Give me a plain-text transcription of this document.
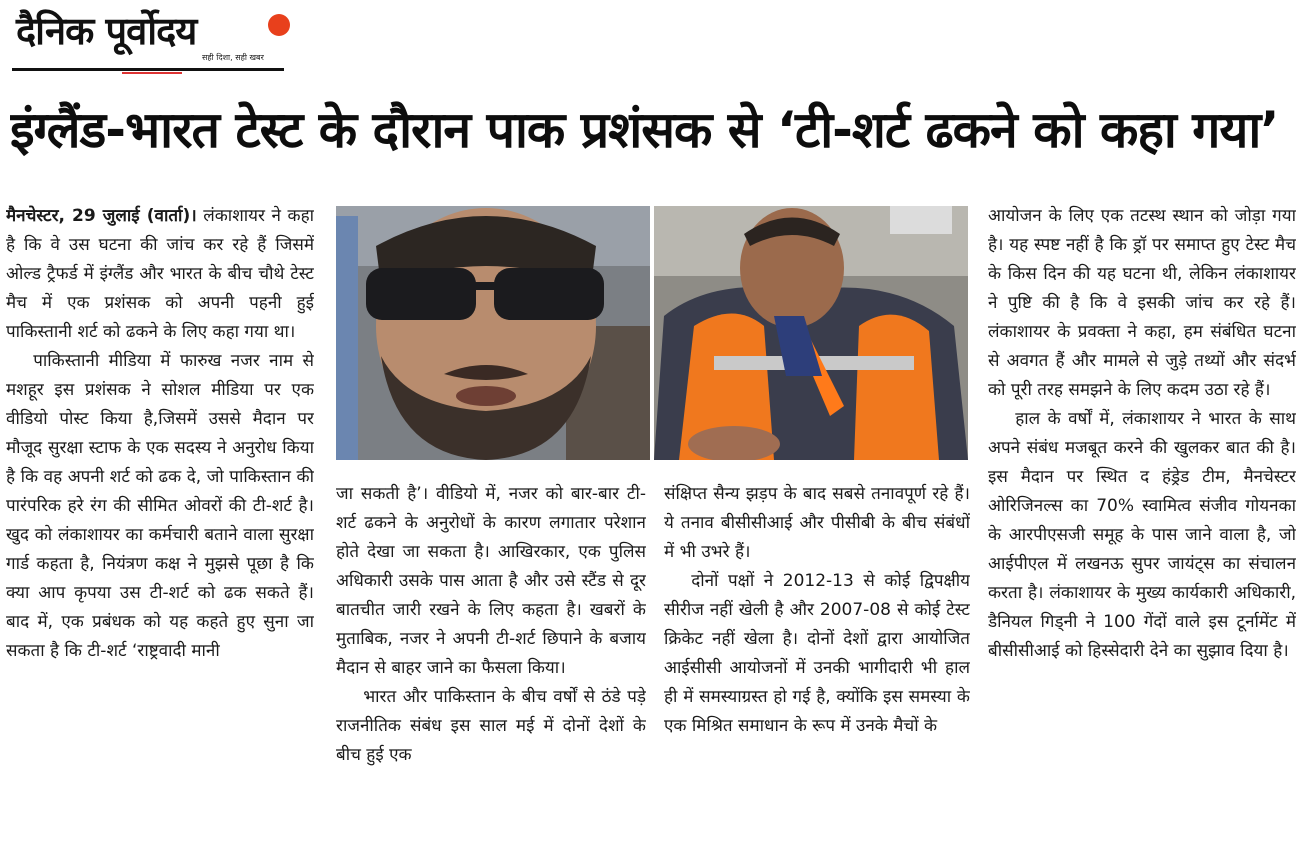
दैनिक पूर्वोदय
सही दिशा, सही खबर
इंग्लैंड-भारत टेस्ट के दौरान पाक प्रशंसक से ‘टी-शर्ट ढकने को कहा गया’

मैनचेस्टर, 29 जुलाई (वार्ता)। लंकाशायर ने कहा है कि वे उस घटना की जांच कर रहे हैं जिसमें ओल्ड ट्रैफर्ड में इंग्लैंड और भारत के बीच चौथे टेस्ट मैच में एक प्रशंसक को अपनी पहनी हुई पाकिस्तानी शर्ट को ढकने के लिए कहा गया था।

पाकिस्तानी मीडिया में फारुख नजर नाम से मशहूर इस प्रशंसक ने सोशल मीडिया पर एक वीडियो पोस्ट किया है,जिसमें उससे मैदान पर मौजूद सुरक्षा स्टाफ के एक सदस्य ने अनुरोध किया है कि वह अपनी शर्ट को ढक दे, जो पाकिस्तान की पारंपरिक हरे रंग की सीमित ओवरों की टी-शर्ट है। खुद को लंकाशायर का कर्मचारी बताने वाला सुरक्षा गार्ड कहता है, नियंत्रण कक्ष ने मुझसे पूछा है कि क्या आप कृपया उस टी-शर्ट को ढक सकते हैं। बाद में, एक प्रबंधक को यह कहते हुए सुना जा सकता है कि टी-शर्ट ‘राष्ट्रवादी मानी

जा सकती है’। वीडियो में, नजर को बार-बार टी-शर्ट ढकने के अनुरोधों के कारण लगातार परेशान होते देखा जा सकता है। आखिरकार, एक पुलिस अधिकारी उसके पास आता है और उसे स्टैंड से दूर बातचीत जारी रखने के लिए कहता है। खबरों के मुताबिक, नजर ने अपनी टी-शर्ट छिपाने के बजाय मैदान से बाहर जाने का फैसला किया।

भारत और पाकिस्तान के बीच वर्षों से ठंडे पड़े राजनीतिक संबंध इस साल मई में दोनों देशों के बीच हुई एक

संक्षिप्त सैन्य झड़प के बाद सबसे तनावपूर्ण रहे हैं। ये तनाव बीसीसीआई और पीसीबी के बीच संबंधों में भी उभरे हैं।

दोनों पक्षों ने 2012-13 से कोई द्विपक्षीय सीरीज नहीं खेली है और 2007-08 से कोई टेस्ट क्रिकेट नहीं खेला है। दोनों देशों द्वारा आयोजित आईसीसी आयोजनों में उनकी भागीदारी भी हाल ही में समस्याग्रस्त हो गई है, क्योंकि इस समस्या के एक मिश्रित समाधान के रूप में उनके मैचों के

आयोजन के लिए एक तटस्थ स्थान को जोड़ा गया है। यह स्पष्ट नहीं है कि ड्रॉ पर समाप्त हुए टेस्ट मैच के किस दिन की यह घटना थी, लेकिन लंकाशायर ने पुष्टि की है कि वे इसकी जांच कर रहे हैं। लंकाशायर के प्रवक्ता ने कहा, हम संबंधित घटना से अवगत हैं और मामले से जुड़े तथ्यों और संदर्भ को पूरी तरह समझने के लिए कदम उठा रहे हैं।

हाल के वर्षों में, लंकाशायर ने भारत के साथ अपने संबंध मजबूत करने की खुलकर बात की है। इस मैदान पर स्थित द हंड्रेड टीम, मैनचेस्टर ओरिजिनल्स का 70% स्वामित्व संजीव गोयनका के आरपीएसजी समूह के पास जाने वाला है, जो आईपीएल में लखनऊ सुपर जायंट्स का संचालन करता है। लंकाशायर के मुख्य कार्यकारी अधिकारी, डैनियल गिड्नी ने 100 गेंदों वाले इस टूर्नामेंट में बीसीसीआई को हिस्सेदारी देने का सुझाव दिया है।
